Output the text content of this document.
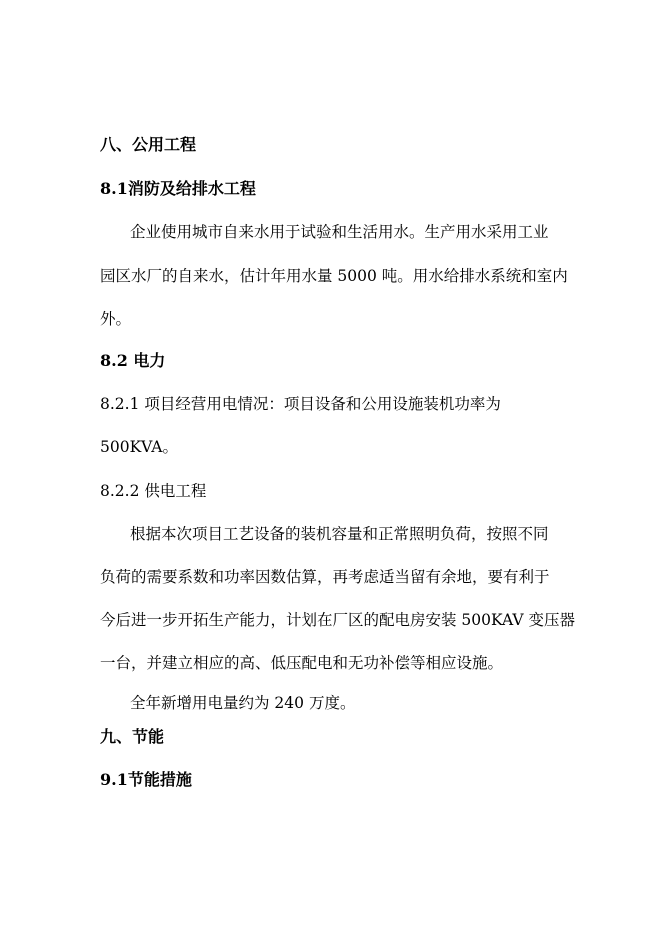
八、公用工程
8.1消防及给排水工程
企业使用城市自来水用于试验和生活用水。生产用水采用工业
园区水厂的自来水，估计年用水量 5000 吨。用水给排水系统和室内
外。
8.2 电力
8.2.1 项目经营用电情况：项目设备和公用设施装机功率为
500KVA。
8.2.2 供电工程
根据本次项目工艺设备的装机容量和正常照明负荷，按照不同
负荷的需要系数和功率因数估算，再考虑适当留有余地，要有利于
今后进一步开拓生产能力，计划在厂区的配电房安装 500KAV 变压器
一台，并建立相应的高、低压配电和无功补偿等相应设施。
全年新增用电量约为 240 万度。
九、节能
9.1节能措施
